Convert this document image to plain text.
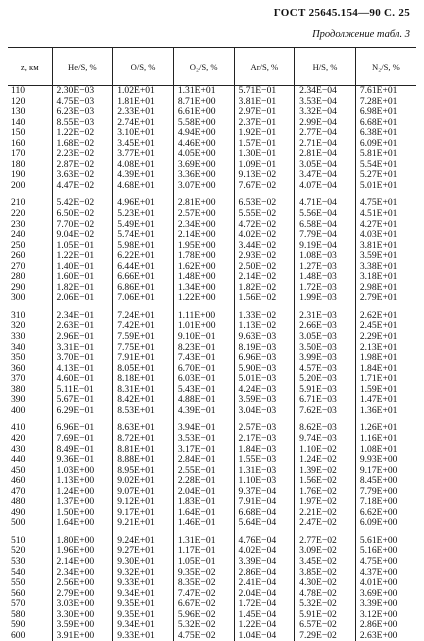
ГОСТ 25645.154—90 С. 25
Продолжение табл. 3
z, км	He/S, %	O/S, %	O₂/S, %	Ar/S, %	H/S, %	N₂/S, %
110	2.30E−03	1.02E+01	1.31E+01	5.71E−01	2.34E−04	7.61E+01
120	4.75E−03	1.81E+01	8.71E+00	3.81E−01	3.53E−04	7.28E+01
130	6.23E−03	2.33E+01	6.61E+00	2.97E−01	3.32E−04	6.98E+01
140	8.55E−03	2.74E+01	5.58E+00	2.37E−01	2.99E−04	6.68E+01
150	1.22E−02	3.10E+01	4.94E+00	1.92E−01	2.77E−04	6.38E+01
160	1.68E−02	3.45E+01	4.46E+00	1.57E−01	2.71E−04	6.09E+01
170	2.23E−02	3.77E+01	4.05E+00	1.30E−01	2.81E−04	5.81E+01
180	2.87E−02	4.08E+01	3.69E+00	1.09E−01	3.05E−04	5.54E+01
190	3.63E−02	4.39E+01	3.36E+00	9.13E−02	3.47E−04	5.27E+01
200	4.47E−02	4.68E+01	3.07E+00	7.67E−02	4.07E−04	5.01E+01

210	5.42E−02	4.96E+01	2.81E+00	6.53E−02	4.71E−04	4.75E+01
220	6.50E−02	5.23E+01	2.57E+00	5.55E−02	5.56E−04	4.51E+01
230	7.70E−02	5.49E+01	2.34E+00	4.72E−02	6.58E−04	4.27E+01
240	9.04E−02	5.74E+01	2.14E+00	4.02E−02	7.79E−04	4.03E+01
250	1.05E−01	5.98E+01	1.95E+00	3.44E−02	9.19E−04	3.81E+01
260	1.22E−01	6.22E+01	1.78E+00	2.93E−02	1.08E−03	3.59E+01
270	1.40E−01	6.44E+01	1.62E+00	2.50E−02	1.27E−03	3.38E+01
280	1.60E−01	6.66E+01	1.48E+00	2.14E−02	1.48E−03	3.18E+01
290	1.82E−01	6.86E+01	1.34E+00	1.82E−02	1.72E−03	2.98E+01
300	2.06E−01	7.06E+01	1.22E+00	1.56E−02	1.99E−03	2.79E+01

310	2.34E−01	7.24E+01	1.11E+00	1.33E−02	2.31E−03	2.62E+01
320	2.63E−01	7.42E+01	1.01E+00	1.13E−02	2.66E−03	2.45E+01
330	2.96E−01	7.59E+01	9.10E−01	9.63E−03	3.05E−03	2.29E+01
340	3.31E−01	7.75E+01	8.23E−01	8.19E−03	3.50E−03	2.13E+01
350	3.70E−01	7.91E+01	7.43E−01	6.96E−03	3.99E−03	1.98E+01
360	4.13E−01	8.05E+01	6.70E−01	5.90E−03	4.57E−03	1.84E+01
370	4.60E−01	8.18E+01	6.03E−01	5.01E−03	5.20E−03	1.71E+01
380	5.11E−01	8.31E+01	5.43E−01	4.24E−03	5.91E−03	1.59E+01
390	5.67E−01	8.42E+01	4.88E−01	3.59E−03	6.71E−03	1.47E+01
400	6.29E−01	8.53E+01	4.39E−01	3.04E−03	7.62E−03	1.36E+01

410	6.96E−01	8.63E+01	3.94E−01	2.57E−03	8.62E−03	1.26E+01
420	7.69E−01	8.72E+01	3.53E−01	2.17E−03	9.74E−03	1.16E+01
430	8.49E−01	8.81E+01	3.17E−01	1.84E−03	1.10E−02	1.08E+01
440	9.36E−01	8.88E+01	2.84E−01	1.55E−03	1.24E−02	9.93E+00
450	1.03E+00	8.95E+01	2.55E−01	1.31E−03	1.39E−02	9.17E+00
460	1.13E+00	9.02E+01	2.28E−01	1.10E−03	1.56E−02	8.45E+00
470	1.24E+00	9.07E+01	2.04E−01	9.37E−04	1.76E−02	7.79E+00
480	1.37E+00	9.12E+01	1.83E−01	7.91E−04	1.97E−02	7.18E+00
490	1.50E+00	9.17E+01	1.64E−01	6.68E−04	2.21E−02	6.62E+00
500	1.64E+00	9.21E+01	1.46E−01	5.64E−04	2.47E−02	6.09E+00

510	1.80E+00	9.24E+01	1.31E−01	4.76E−04	2.77E−02	5.61E+00
520	1.96E+00	9.27E+01	1.17E−01	4.02E−04	3.09E−02	5.16E+00
530	2.14E+00	9.30E+01	1.05E−01	3.39E−04	3.45E−02	4.75E+00
540	2.34E+00	9.32E+01	9.35E−02	2.86E−04	3.85E−02	4.37E+00
550	2.56E+00	9.33E+01	8.35E−02	2.41E−04	4.30E−02	4.01E+00
560	2.79E+00	9.34E+01	7.47E−02	2.04E−04	4.78E−02	3.69E+00
570	3.03E+00	9.35E+01	6.67E−02	1.72E−04	5.32E−02	3.39E+00
580	3.30E+00	9.35E+01	5.96E−02	1.45E−04	5.91E−02	3.12E+00
590	3.59E+00	9.34E+01	5.32E−02	1.22E−04	6.57E−02	2.86E+00
600	3.91E+00	9.33E+01	4.75E−02	1.04E−04	7.29E−02	2.63E+00
